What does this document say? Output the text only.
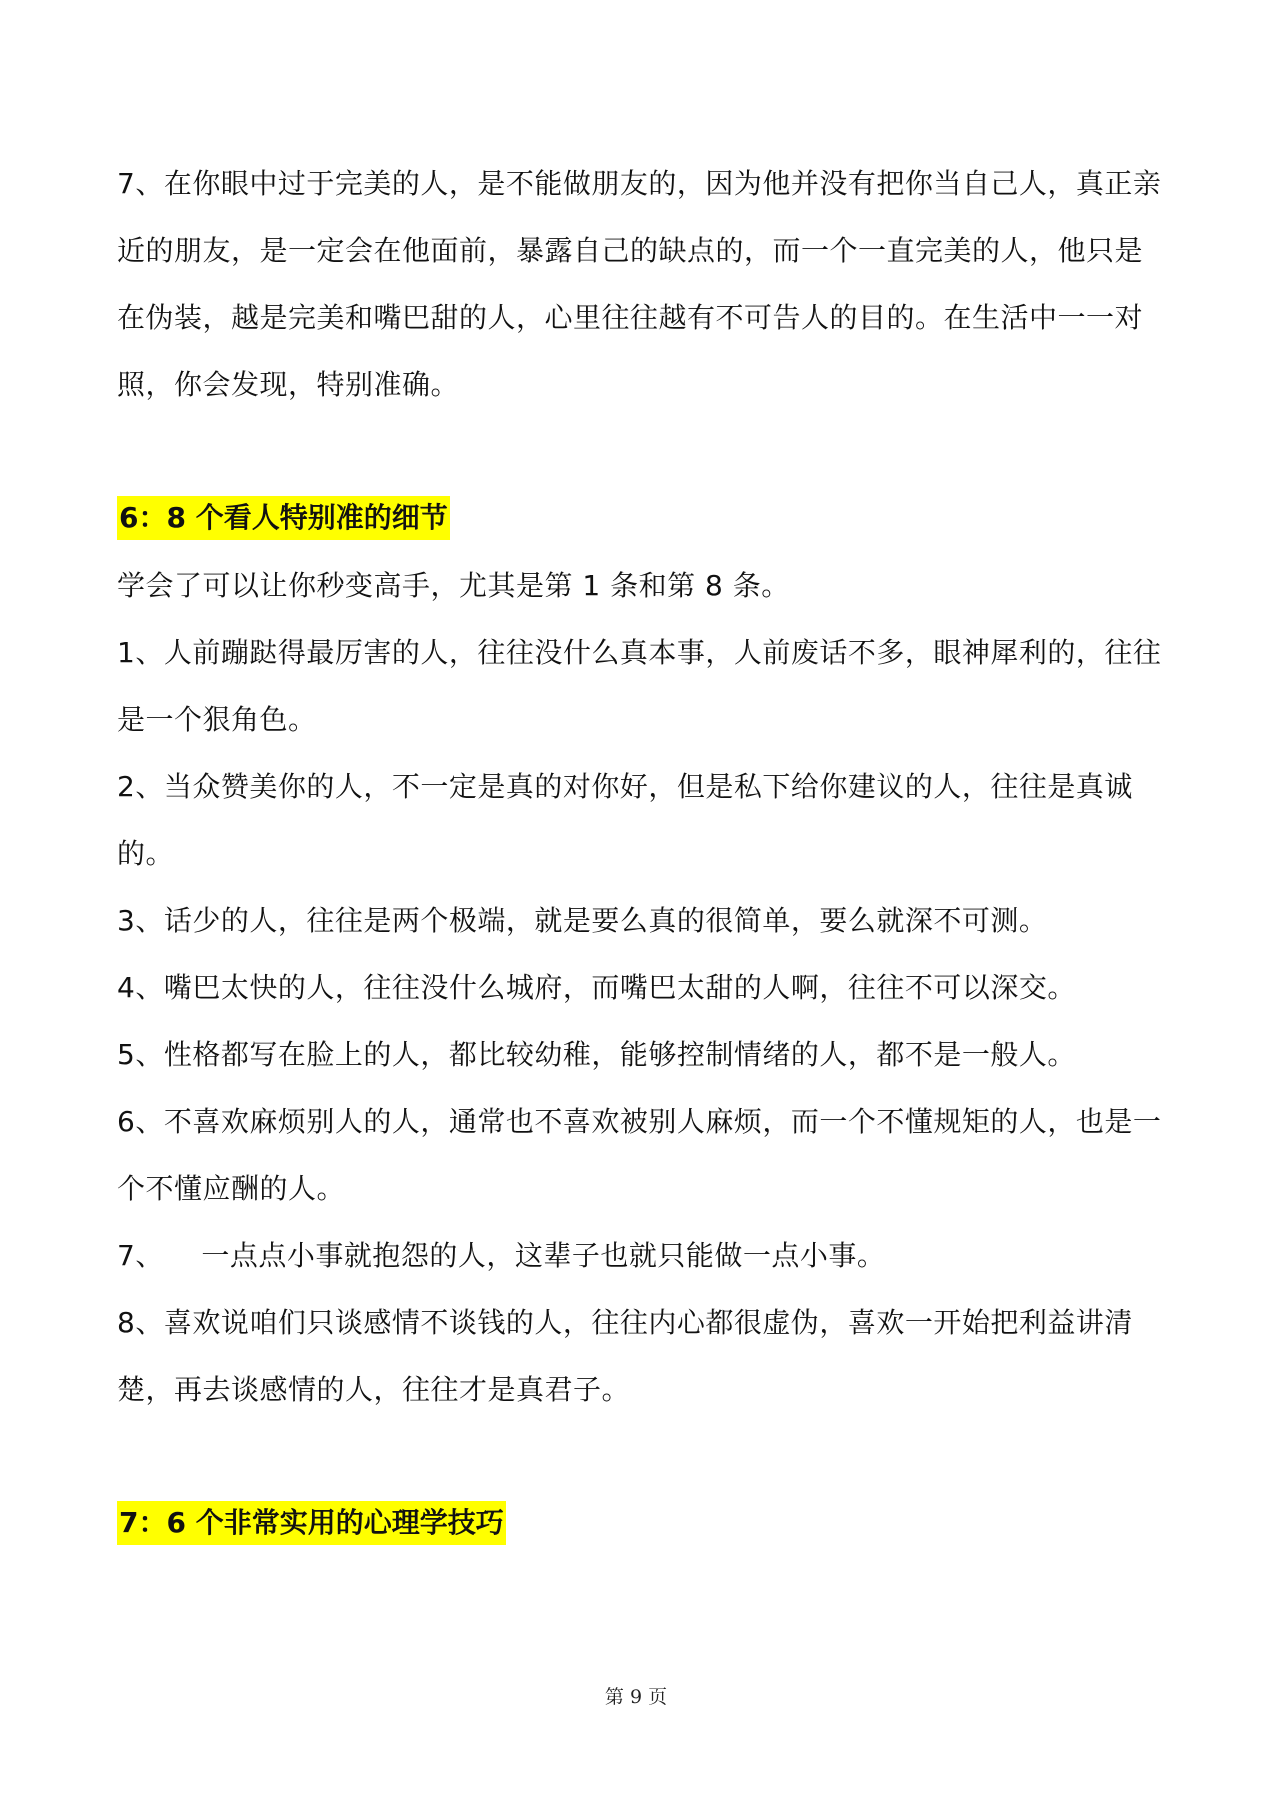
7、在你眼中过于完美的人，是不能做朋友的，因为他并没有把你当自己人，真正亲近的朋友，是一定会在他面前，暴露自己的缺点的，而一个一直完美的人，他只是在伪装，越是完美和嘴巴甜的人，心里往往越有不可告人的目的。在生活中一一对照，你会发现，特别准确。

6：8 个看人特别准的细节

学会了可以让你秒变高手，尤其是第 1 条和第 8 条。

1、人前蹦跶得最厉害的人，往往没什么真本事，人前废话不多，眼神犀利的，往往是一个狠角色。

2、当众赞美你的人，不一定是真的对你好，但是私下给你建议的人，往往是真诚的。

3、话少的人，往往是两个极端，就是要么真的很简单，要么就深不可测。

4、嘴巴太快的人，往往没什么城府，而嘴巴太甜的人啊，往往不可以深交。

5、性格都写在脸上的人，都比较幼稚，能够控制情绪的人，都不是一般人。

6、不喜欢麻烦别人的人，通常也不喜欢被别人麻烦，而一个不懂规矩的人，也是一个不懂应酬的人。

7、    一点点小事就抱怨的人，这辈子也就只能做一点小事。

8、喜欢说咱们只谈感情不谈钱的人，往往内心都很虚伪，喜欢一开始把利益讲清楚，再去谈感情的人，往往才是真君子。

7：6 个非常实用的心理学技巧
第 9 页
